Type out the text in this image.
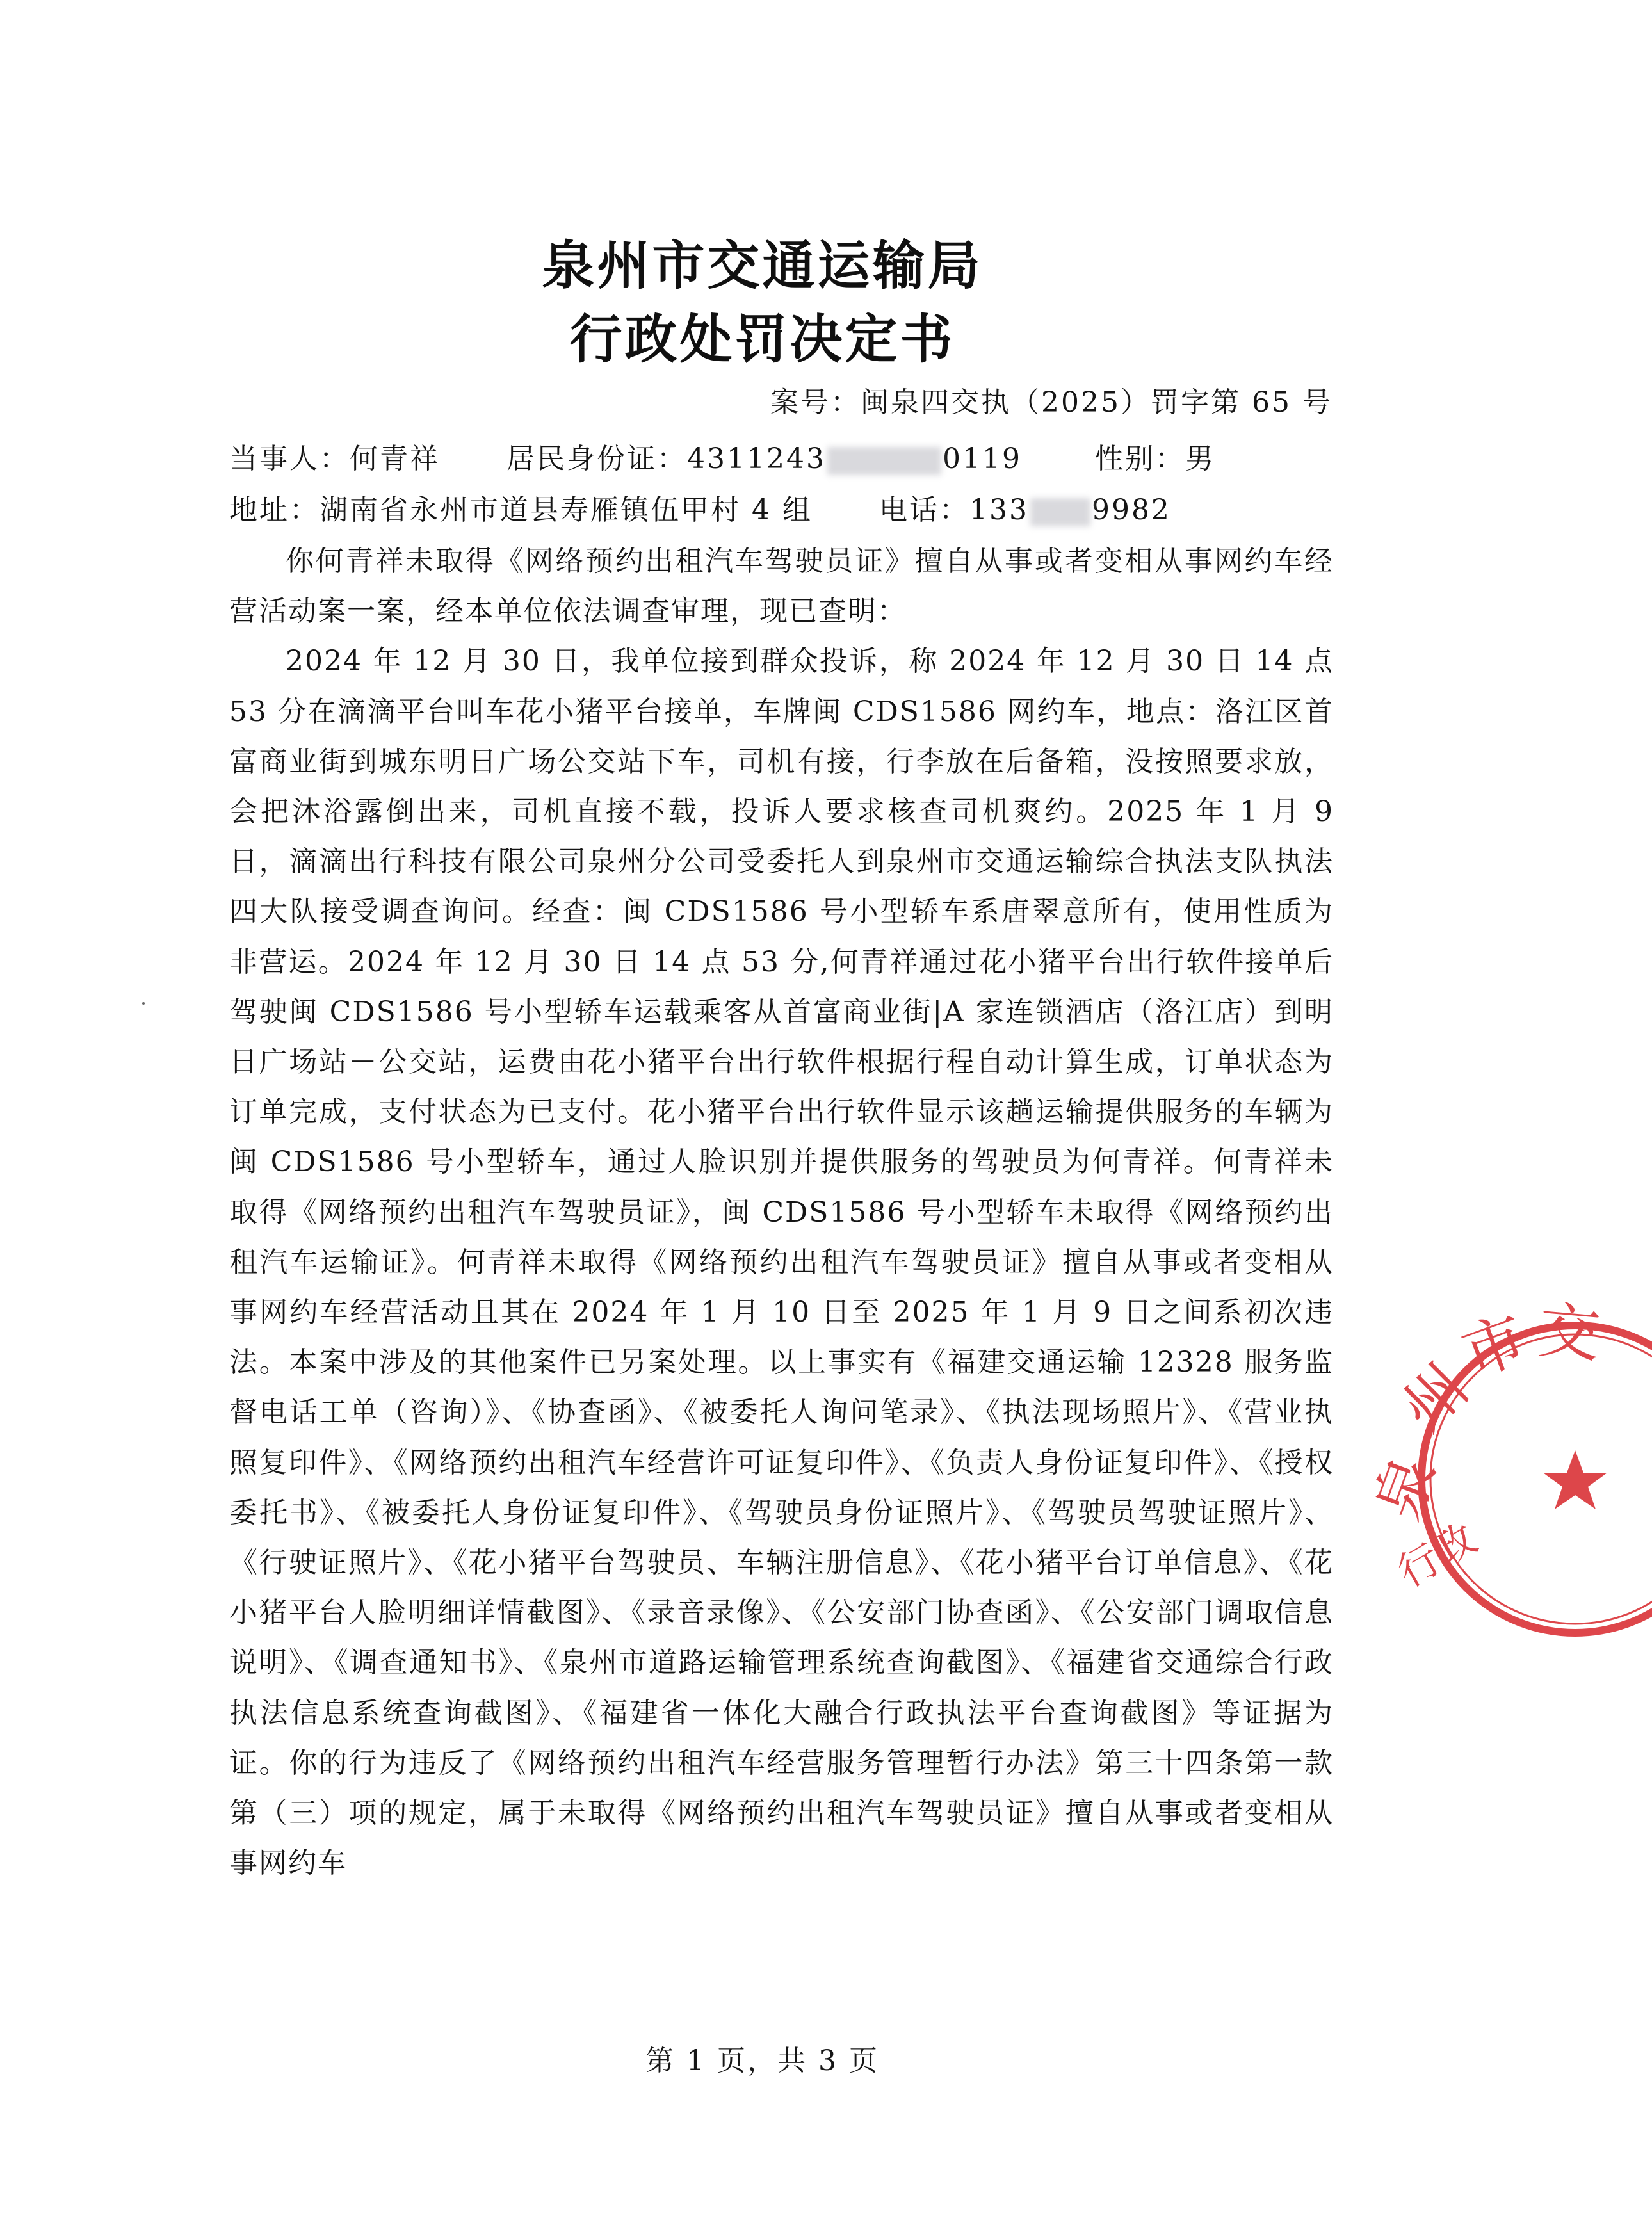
泉州市交通运输局
行政处罚决定书
案号：闽泉四交执（2025）罚字第 65 号
当事人：何青祥 居民身份证：4311243	0119	性别：男
地址：湖南省永州市道县寿雁镇伍甲村 4 组 电话：133 9982

你何青祥未取得《网络预约出租汽车驾驶员证》擅自从事或者变相从事网约车经营活动案一案，经本单位依法调查审理，现已查明：

2024 年 12 月 30 日，我单位接到群众投诉，称 2024 年 12 月 30 日 14 点 53 分在滴滴平台叫车花小猪平台接单，车牌闽 CDS1586 网约车，地点：洛江区首富商业街到城东明日广场公交站下车，司机有接，行李放在后备箱，没按照要求放，会把沐浴露倒出来，司机直接不载，投诉人要求核查司机爽约。2025 年 1 月 9 日，滴滴出行科技有限公司泉州分公司受委托人到泉州市交通运输综合执法支队执法四大队接受调查询问。经查：闽 CDS1586 号小型轿车系唐翠意所有，使用性质为非营运。2024 年 12 月 30 日 14 点 53 分,何青祥通过花小猪平台出行软件接单后驾驶闽 CDS1586 号小型轿车运载乘客从首富商业街|A 家连锁酒店（洛江店）到明日广场站－公交站，运费由花小猪平台出行软件根据行程自动计算生成，订单状态为订单完成，支付状态为已支付。花小猪平台出行软件显示该趟运输提供服务的车辆为闽 CDS1586 号小型轿车，通过人脸识别并提供服务的驾驶员为何青祥。何青祥未取得《网络预约出租汽车驾驶员证》，闽 CDS1586 号小型轿车未取得《网络预约出租汽车运输证》。何青祥未取得《网络预约出租汽车驾驶员证》擅自从事或者变相从事网约车经营活动且其在 2024 年 1 月 10 日至 2025 年 1 月 9 日之间系初次违法。本案中涉及的其他案件已另案处理。以上事实有《福建交通运输 12328 服务监督电话工单（咨询）》、《协查函》、《被委托人询问笔录》、《执法现场照片》、《营业执照复印件》、《网络预约出租汽车经营许可证复印件》、《负责人身份证复印件》、《授权委托书》、《被委托人身份证复印件》、《驾驶员身份证照片》、《驾驶员驾驶证照片》、《行驶证照片》、《花小猪平台驾驶员、车辆注册信息》、《花小猪平台订单信息》、《花小猪平台人脸明细详情截图》、《录音录像》、《公安部门协查函》、《公安部门调取信息说明》、《调查通知书》、《泉州市道路运输管理系统查询截图》、《福建省交通综合行政执法信息系统查询截图》、《福建省一体化大融合行政执法平台查询截图》等证据为证。你的行为违反了《网络预约出租汽车经营服务管理暂行办法》第三十四条第一款第（三）项的规定，属于未取得《网络预约出租汽车驾驶员证》擅自从事或者变相从事网约车

第 1 页，共 3 页
泉
州
市 交
行政
